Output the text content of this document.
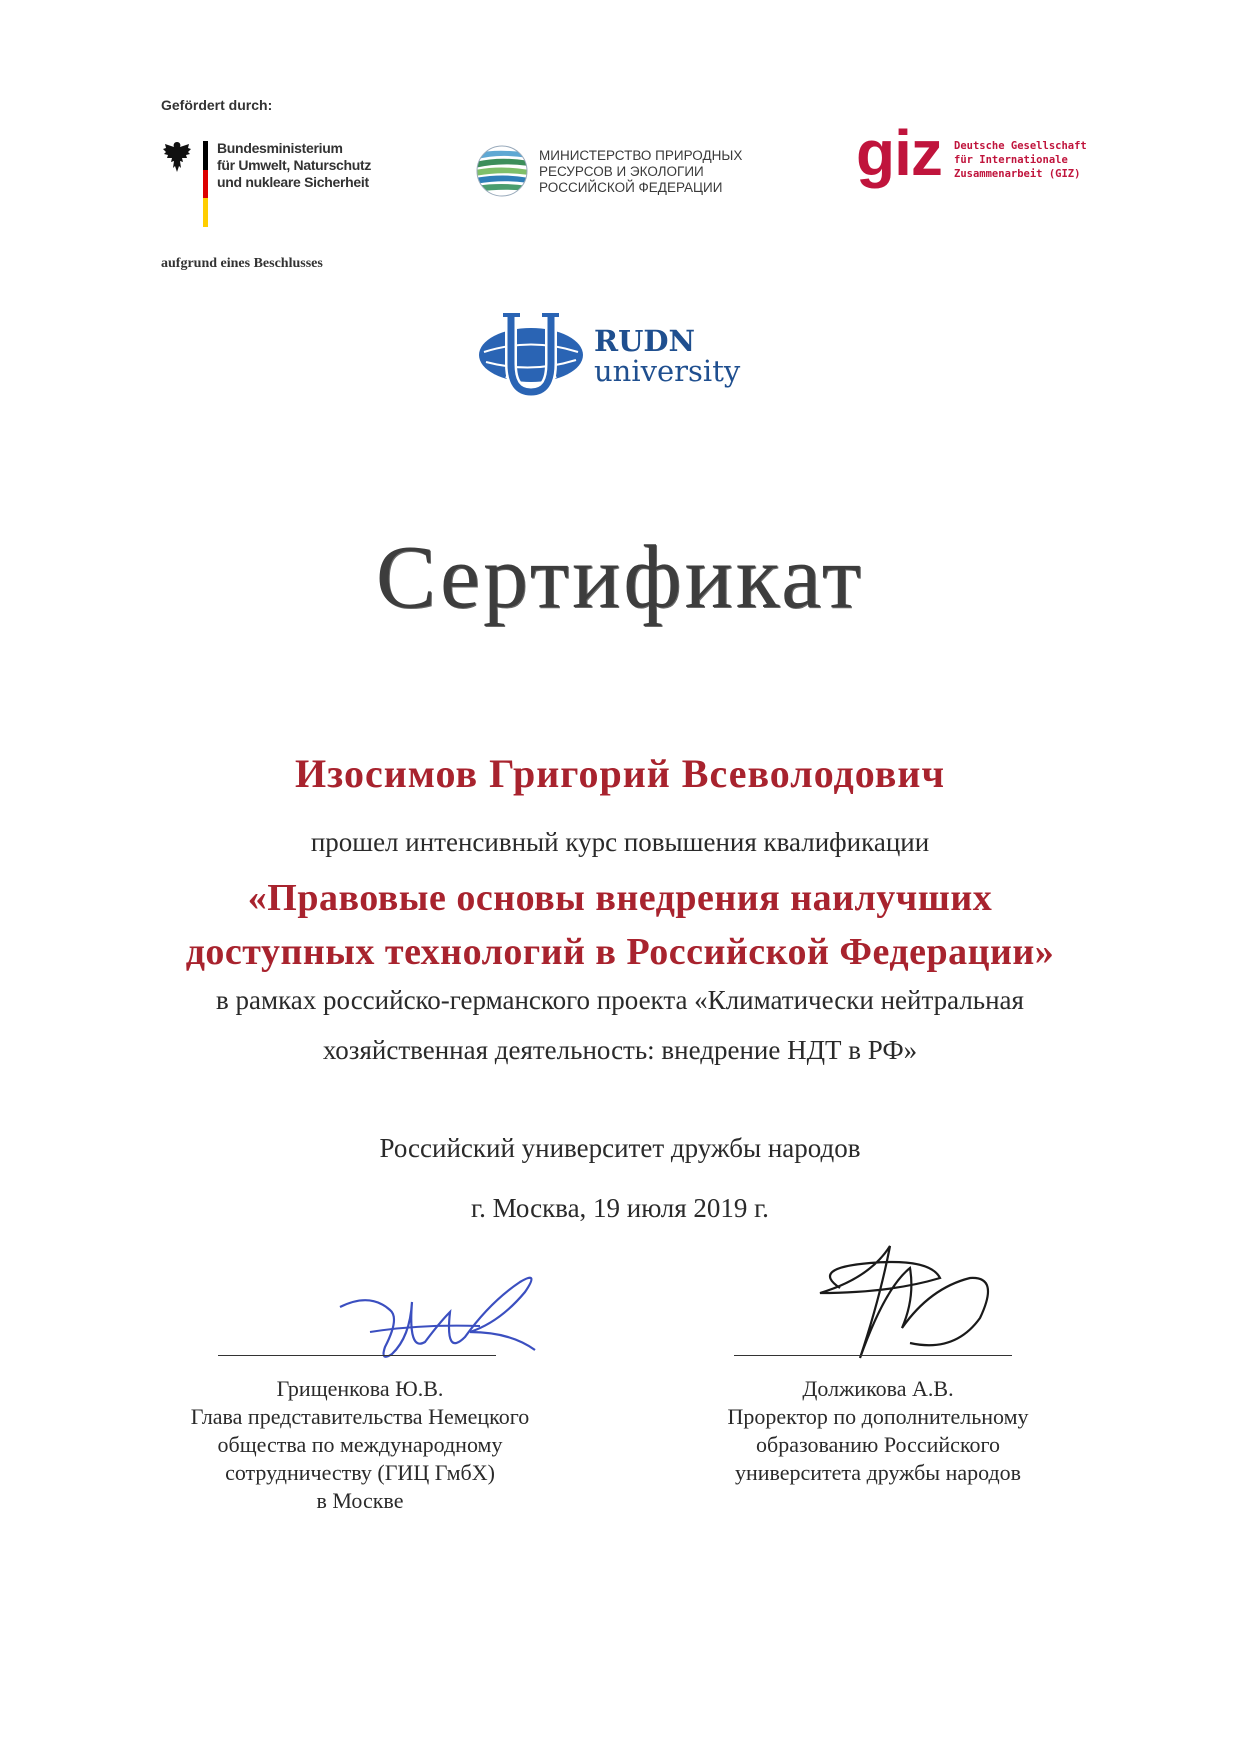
Gefördert durch:
Bundesministerium
für Umwelt, Naturschutz
und nukleare Sicherheit
aufgrund eines Beschlusses
МИНИСТЕРСТВО ПРИРОДНЫХ
РЕСУРСОВ И ЭКОЛОГИИ
РОССИЙСКОЙ ФЕДЕРАЦИИ	giz Deutsche Gesellschaft
für Internationale
Zusammenarbeit (GIZ)
RUDN
university
Сертификат
Изосимов Григорий Всеволодович
прошел интенсивный курс повышения квалификации
«Правовые основы внедрения наилучших
доступных технологий в Российской Федерации»
в рамках российско-германского проекта «Климатически нейтральная
хозяйственная деятельность: внедрение НДТ в РФ»
Российский университет дружбы народов
г. Москва, 19 июля 2019 г.
Грищенкова Ю.В.
Глава представительства Немецкого
общества по международному
сотрудничеству (ГИЦ ГмбХ)
в Москве
Должикова А.В.
Проректор по дополнительному
образованию Российского
университета дружбы народов
